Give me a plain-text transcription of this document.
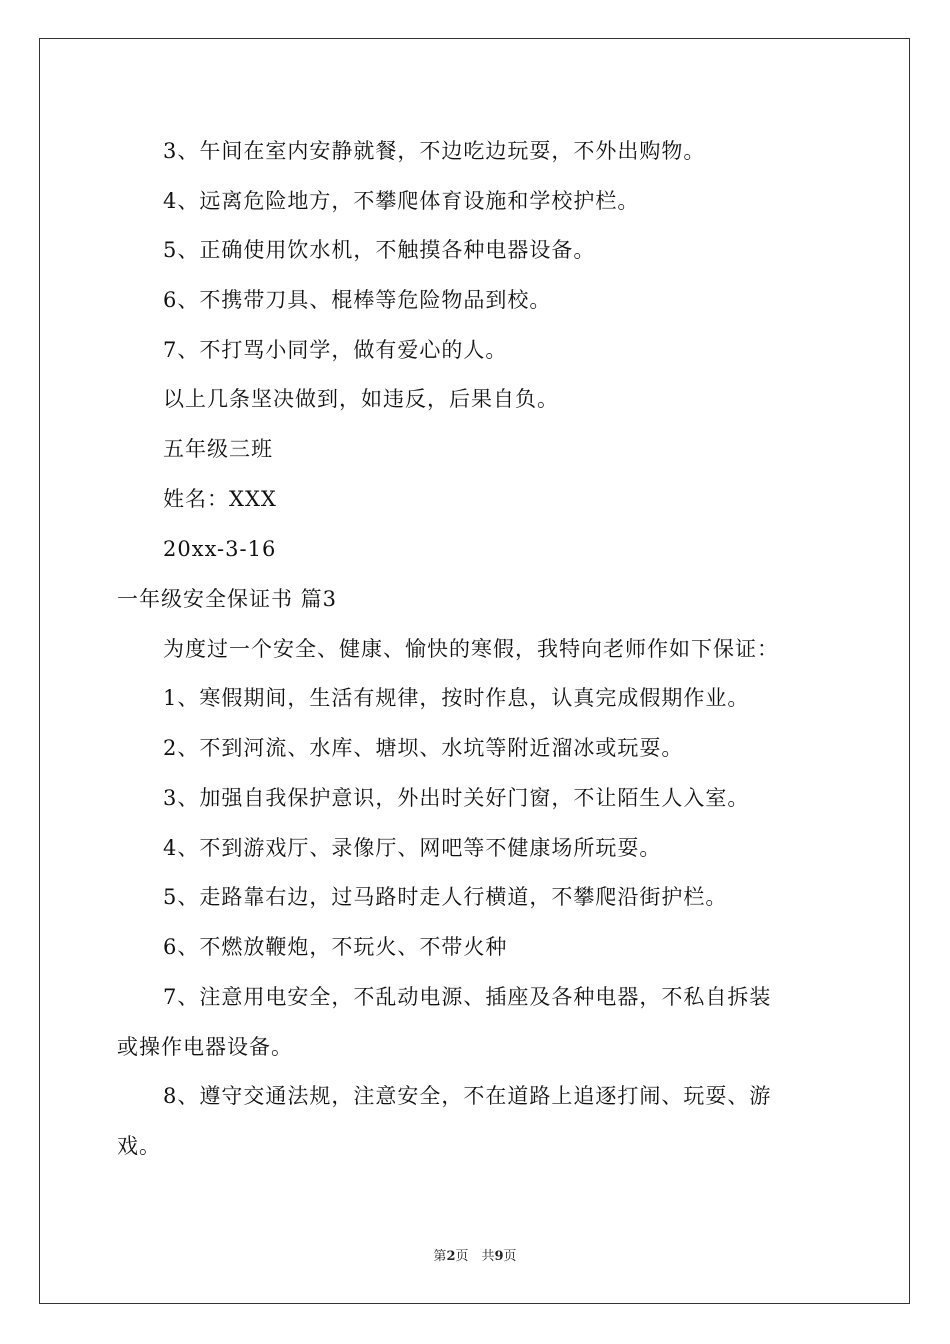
3、午间在室内安静就餐，不边吃边玩耍，不外出购物。
4、远离危险地方，不攀爬体育设施和学校护栏。
5、正确使用饮水机，不触摸各种电器设备。
6、不携带刀具、棍棒等危险物品到校。
7、不打骂小同学，做有爱心的人。
以上几条坚决做到，如违反，后果自负。
五年级三班
姓名：XXX
20xx-3-16
一年级安全保证书 篇3
为度过一个安全、健康、愉快的寒假，我特向老师作如下保证：
1、寒假期间，生活有规律，按时作息，认真完成假期作业。
2、不到河流、水库、塘坝、水坑等附近溜冰或玩耍。
3、加强自我保护意识，外出时关好门窗，不让陌生人入室。
4、不到游戏厅、录像厅、网吧等不健康场所玩耍。
5、走路靠右边，过马路时走人行横道，不攀爬沿街护栏。
6、不燃放鞭炮，不玩火、不带火种
7、注意用电安全，不乱动电源、插座及各种电器，不私自拆装
或操作电器设备。
8、遵守交通法规，注意安全，不在道路上追逐打闹、玩耍、游
戏。
第2页　共9页
